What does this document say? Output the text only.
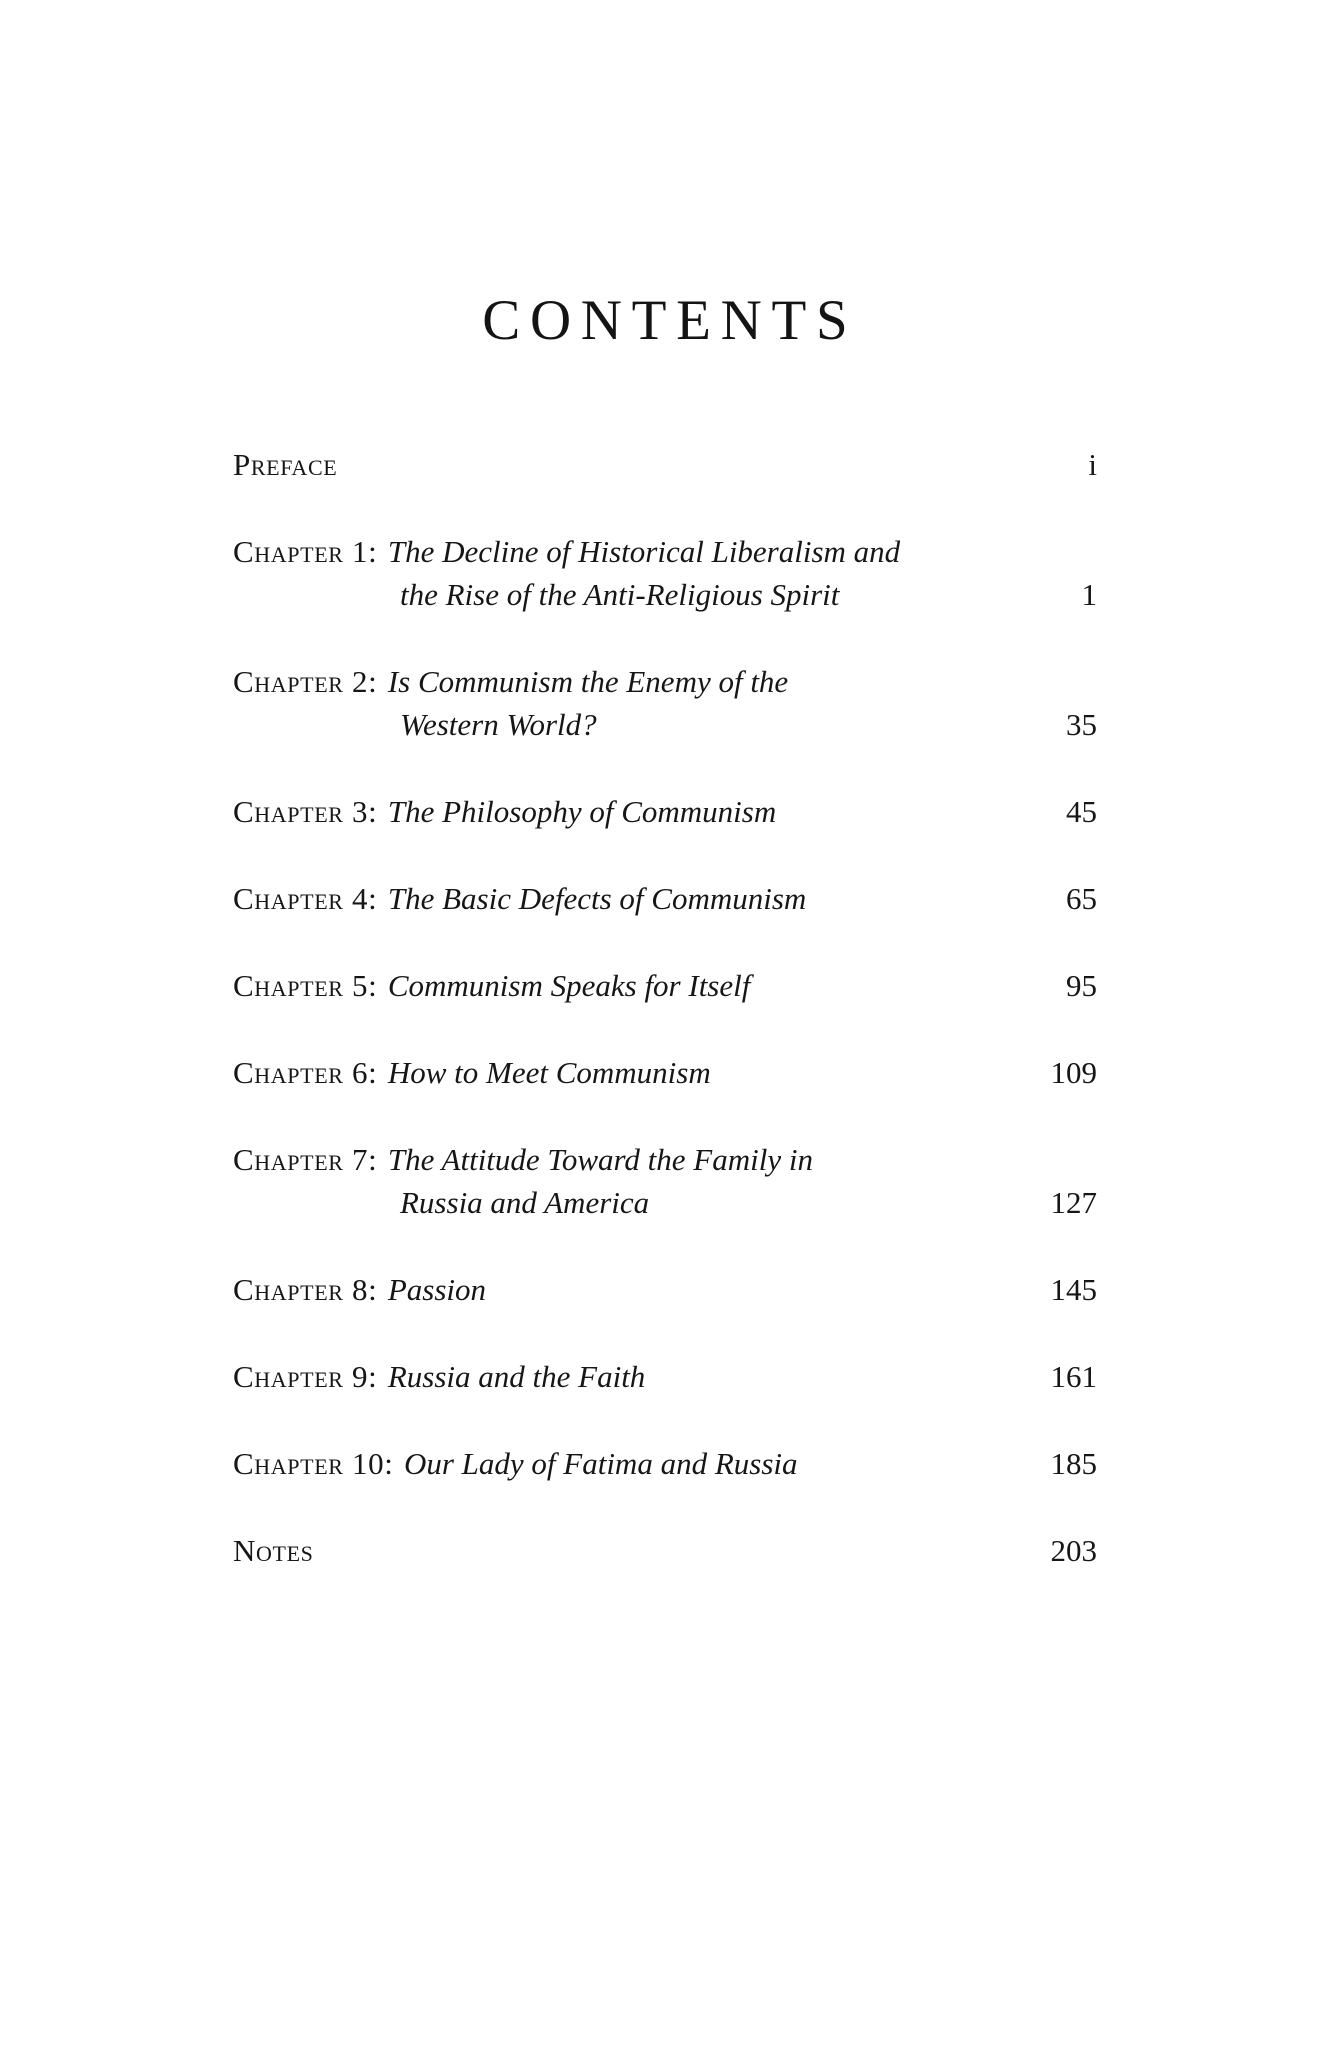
CONTENTS
Preface	i
Chapter 1: The Decline of Historical Liberalism and
the Rise of the Anti-Religious Spirit	1
Chapter 2: Is Communism the Enemy of the
Western World?	35
Chapter 3: The Philosophy of Communism	45
Chapter 4: The Basic Defects of Communism	65
Chapter 5: Communism Speaks for Itself	95
Chapter 6: How to Meet Communism	109
Chapter 7: The Attitude Toward the Family in
Russia and America	127
Chapter 8: Passion	145
Chapter 9: Russia and the Faith	161
Chapter 10: Our Lady of Fatima and Russia	185
Notes	203
